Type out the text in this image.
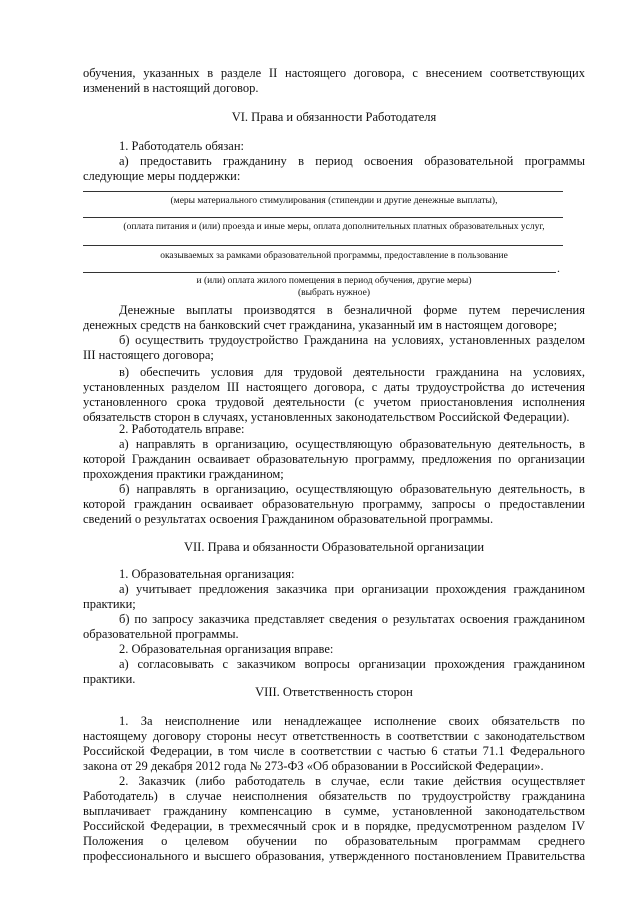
обучения, указанных в разделе II настоящего договора, с внесением соответствующих

изменений в настоящий договор.

VI. Права и обязанности Работодателя

1. Работодатель обязан:

а) предоставить гражданину в период освоения образовательной программы

следующие меры поддержки:

(меры материального стимулирования (стипендии и другие денежные выплаты),

(оплата питания и (или) проезда и иные меры, оплата дополнительных платных образовательных услуг,

оказываемых за рамками образовательной программы, предоставление в пользование

.

и (или) оплата жилого помещения в период обучения, другие меры)

(выбрать нужное)

Денежные выплаты производятся в безналичной форме путем перечисления

денежных средств на банковский счет гражданина, указанный им в настоящем договоре;

б) осуществить трудоустройство Гражданина на условиях, установленных разделом

III настоящего договора;

в) обеспечить условия для трудовой деятельности гражданина на условиях,

установленных разделом III настоящего договора, с даты трудоустройства до истечения

установленного срока трудовой деятельности (с учетом приостановления исполнения

обязательств сторон в случаях, установленных законодательством Российской Федерации).

2. Работодатель вправе:

а) направлять в организацию, осуществляющую образовательную деятельность, в

которой Гражданин осваивает образовательную программу, предложения по организации

прохождения практики гражданином;

б) направлять в организацию, осуществляющую образовательную деятельность, в

которой гражданин осваивает образовательную программу, запросы о предоставлении

сведений о результатах освоения Гражданином образовательной программы.

VII. Права и обязанности Образовательной организации

1. Образовательная организация:

а) учитывает предложения заказчика при организации прохождения гражданином

практики;

б) по запросу заказчика представляет сведения о результатах освоения гражданином

образовательной программы.

2. Образовательная организация вправе:

а) согласовывать с заказчиком вопросы организации прохождения гражданином

практики.

VIII. Ответственность сторон

1. За неисполнение или ненадлежащее исполнение своих обязательств по

настоящему договору стороны несут ответственность в соответствии с законодательством

Российской Федерации, в том числе в соответствии с частью 6 статьи 71.1 Федерального

закона от 29 декабря 2012 года № 273-ФЗ «Об образовании в Российской Федерации».

2. Заказчик (либо работодатель в случае, если такие действия осуществляет

Работодатель) в случае неисполнения обязательств по трудоустройству гражданина

выплачивает гражданину компенсацию в сумме, установленной законодательством

Российской Федерации, в трехмесячный срок и в порядке, предусмотренном разделом IV

Положения о целевом обучении по образовательным программам среднего

профессионального и высшего образования, утвержденного постановлением Правительства
